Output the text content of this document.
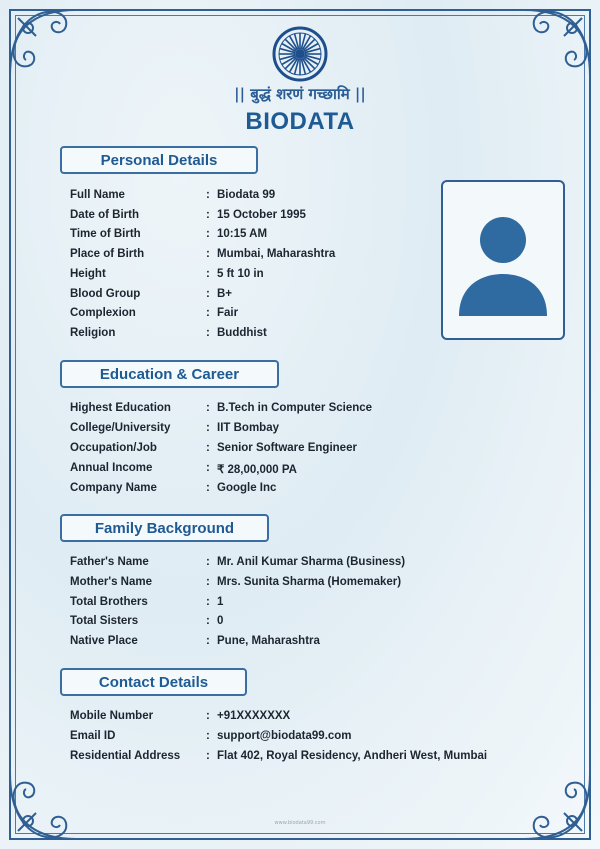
|| बुद्धं शरणं गच्छामि ||
BIODATA
Personal Details
Full Name	: Biodata 99
Date of Birth	: 15 October 1995
Time of Birth	: 10:15 AM
Place of Birth	: Mumbai, Maharashtra
Height	: 5 ft 10 in
Blood Group	: B+
Complexion	: Fair
Religion	: Buddhist
Education & Career
Highest Education	: B.Tech in Computer Science
College/University	: IIT Bombay
Occupation/Job	: Senior Software Engineer
Annual Income	: ₹ 28,00,000 PA
Company Name	: Google Inc
Family Background
Father's Name	: Mr. Anil Kumar Sharma (Business)
Mother's Name	: Mrs. Sunita Sharma (Homemaker)
Total Brothers	: 1
Total Sisters	: 0
Native Place	: Pune, Maharashtra
Contact Details
Mobile Number	: +91XXXXXXX
Email ID	: support@biodata99.com
Residential Address : Flat 402, Royal Residency, Andheri West, Mumbai
www.biodata99.com
